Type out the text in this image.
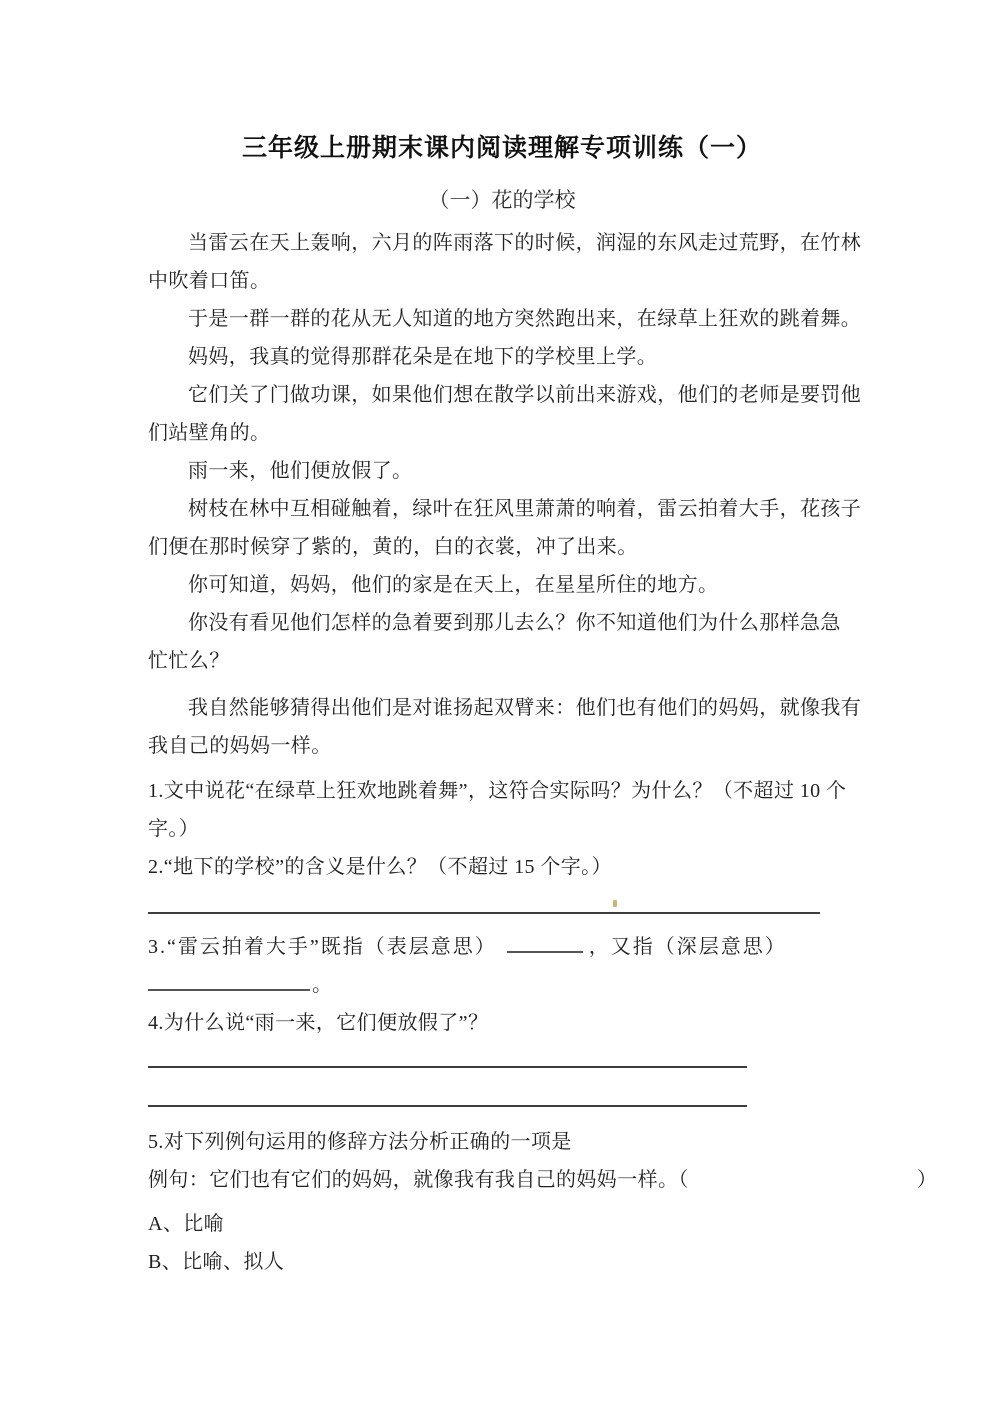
三年级上册期末课内阅读理解专项训练（一）
（一）花的学校
当雷云在天上轰响，六月的阵雨落下的时候，润湿的东风走过荒野，在竹林
中吹着口笛。
于是一群一群的花从无人知道的地方突然跑出来，在绿草上狂欢的跳着舞。
妈妈，我真的觉得那群花朵是在地下的学校里上学。
它们关了门做功课，如果他们想在散学以前出来游戏，他们的老师是要罚他
们站壁角的。
雨一来，他们便放假了。
树枝在林中互相碰触着，绿叶在狂风里萧萧的响着，雷云拍着大手，花孩子
们便在那时候穿了紫的，黄的，白的衣裳，冲了出来。
你可知道，妈妈，他们的家是在天上，在星星所住的地方。
你没有看见他们怎样的急着要到那儿去么？你不知道他们为什么那样急急
忙忙么？
我自然能够猜得出他们是对谁扬起双臂来：他们也有他们的妈妈，就像我有
我自己的妈妈一样。
1.文中说花“在绿草上狂欢地跳着舞”，这符合实际吗？为什么？（不超过 10 个
字。）
2.“地下的学校”的含义是什么？（不超过 15 个字。）
3.“雷云拍着大手”既指（表层意思）	，又指（深层意思）
。
4.为什么说“雨一来，它们便放假了”？
5.对下列例句运用的修辞方法分析正确的一项是
例句：它们也有它们的妈妈，就像我有我自己的妈妈一样。（	）
A、比喻
B、比喻、拟人
